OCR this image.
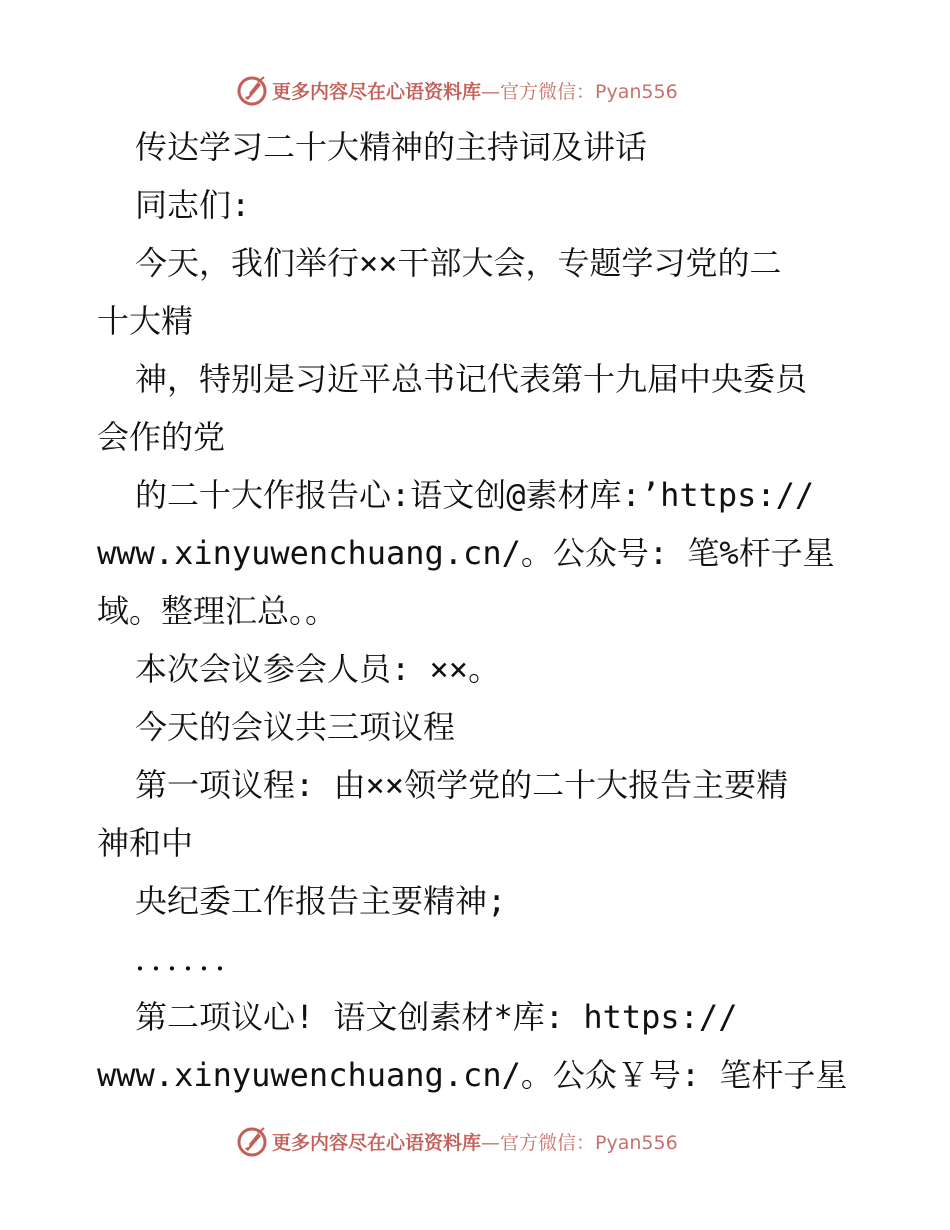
更多内容尽在心语资料库—官方微信：Pyan556
传达学习二十大精神的主持词及讲话
同志们:
今天，我们举行××干部大会，专题学习党的二
十大精
神，特别是习近平总书记代表第十九届中央委员
会作的党
的二十大作报告心:语文创@素材库:’https://
www.xinyuwenchuang.cn/。公众号: 笔%杆子星
域。整理汇总。。
本次会议参会人员: ××。
今天的会议共三项议程
第一项议程: 由××领学党的二十大报告主要精
神和中
央纪委工作报告主要精神;
．．．．．．
第二项议心! 语文创素材*库: https://
www.xinyuwenchuang.cn/。公众￥号: 笔杆子星
更多内容尽在心语资料库—官方微信：Pyan556
